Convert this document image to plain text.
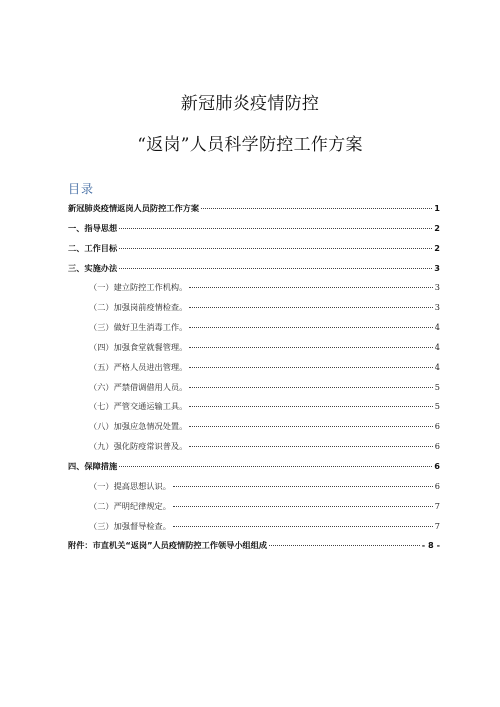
新冠肺炎疫情防控
“返岗”人员科学防控工作方案
目录
新冠肺炎疫情返岗人员防控工作方案	1
一、指导思想	2
二、工作目标	2
三、实施办法	3
（一）建立防控工作机构。	3
（二）加强岗前疫情检查。	3
（三）做好卫生消毒工作。	4
（四）加强食堂就餐管理。	4
（五）严格人员进出管理。	4
（六）严禁借调借用人员。	5
（七）严管交通运输工具。	5
（八）加强应急情况处置。	6
（九）强化防疫常识普及。	6
四、保障措施	6
（一）提高思想认识。	6
（二）严明纪律规定。	7
（三）加强督导检查。	7
附件：市直机关“返岗”人员疫情防控工作领导小组组成	- 8 -
